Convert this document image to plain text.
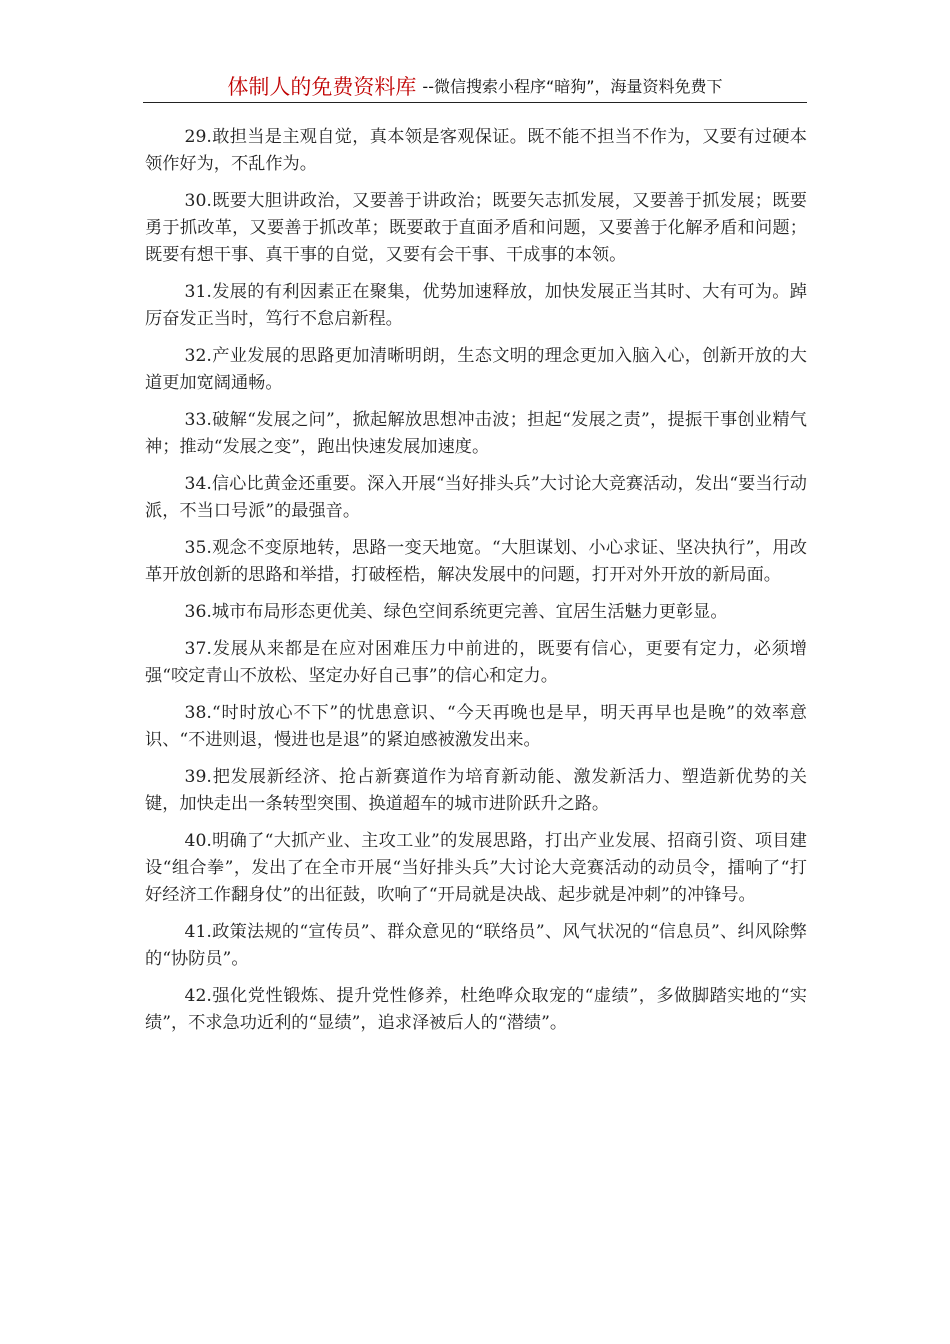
体制人的免费资料库 --微信搜索小程序“暗狗”，海量资料免费下

29.敢担当是主观自觉，真本领是客观保证。既不能不担当不作为，又要有过硬本领作好为，不乱作为。

30.既要大胆讲政治，又要善于讲政治；既要矢志抓发展，又要善于抓发展；既要勇于抓改革，又要善于抓改革；既要敢于直面矛盾和问题，又要善于化解矛盾和问题；既要有想干事、真干事的自觉，又要有会干事、干成事的本领。

31.发展的有利因素正在聚集，优势加速释放，加快发展正当其时、大有可为。踔厉奋发正当时，笃行不怠启新程。

32.产业发展的思路更加清晰明朗，生态文明的理念更加入脑入心，创新开放的大道更加宽阔通畅。

33.破解“发展之问”，掀起解放思想冲击波；担起“发展之责”，提振干事创业精气神；推动“发展之变”，跑出快速发展加速度。

34.信心比黄金还重要。深入开展“当好排头兵”大讨论大竞赛活动，发出“要当行动派，不当口号派”的最强音。

35.观念不变原地转，思路一变天地宽。“大胆谋划、小心求证、坚决执行”，用改革开放创新的思路和举措，打破桎梏，解决发展中的问题，打开对外开放的新局面。

36.城市布局形态更优美、绿色空间系统更完善、宜居生活魅力更彰显。

37.发展从来都是在应对困难压力中前进的，既要有信心，更要有定力，必须增强“咬定青山不放松、坚定办好自己事”的信心和定力。

38.“时时放心不下”的忧患意识、“今天再晚也是早，明天再早也是晚”的效率意识、“不进则退，慢进也是退”的紧迫感被激发出来。

39.把发展新经济、抢占新赛道作为培育新动能、激发新活力、塑造新优势的关键，加快走出一条转型突围、换道超车的城市进阶跃升之路。

40.明确了“大抓产业、主攻工业”的发展思路，打出产业发展、招商引资、项目建设“组合拳”，发出了在全市开展“当好排头兵”大讨论大竞赛活动的动员令，擂响了“打好经济工作翻身仗”的出征鼓，吹响了“开局就是决战、起步就是冲刺”的冲锋号。

41.政策法规的“宣传员”、群众意见的“联络员”、风气状况的“信息员”、纠风除弊的“协防员”。

42.强化党性锻炼、提升党性修养，杜绝哗众取宠的“虚绩”，多做脚踏实地的“实绩”，不求急功近利的“显绩”，追求泽被后人的“潜绩”。
